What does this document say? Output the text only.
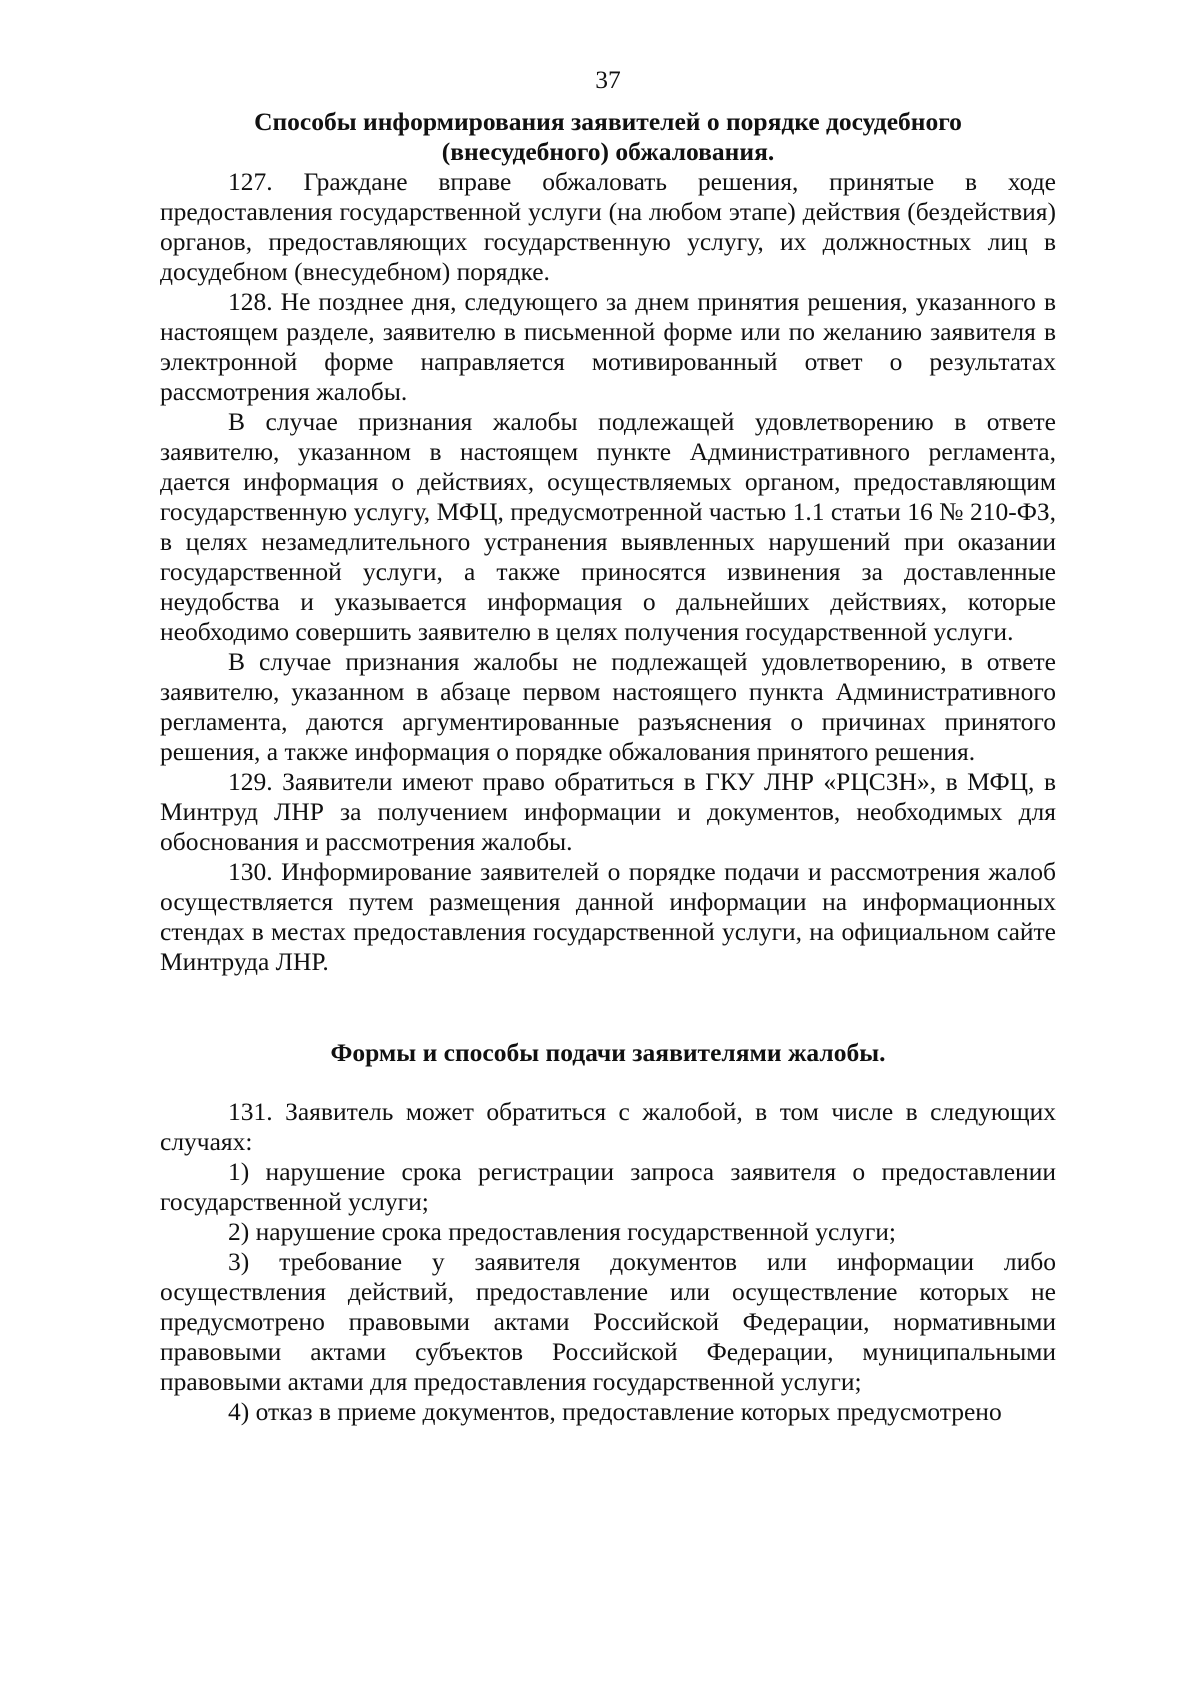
37

Способы информирования заявителей о порядке досудебного
(внесудебного) обжалования.

127. Граждане вправе обжаловать решения, принятые в ходе предоставления государственной услуги (на любом этапе) действия (бездействия) органов, предоставляющих государственную услугу, их должностных лиц в досудебном (внесудебном) порядке.

128. Не позднее дня, следующего за днем принятия решения, указанного в настоящем разделе, заявителю в письменной форме или по желанию заявителя в электронной форме направляется мотивированный ответ о результатах рассмотрения жалобы.

В случае признания жалобы подлежащей удовлетворению в ответе заявителю, указанном в настоящем пункте Административного регламента, дается информация о действиях, осуществляемых органом, предоставляющим государственную услугу, МФЦ, предусмотренной частью 1.1 статьи 16 № 210-ФЗ, в целях незамедлительного устранения выявленных нарушений при оказании государственной услуги, а также приносятся извинения за доставленные неудобства и указывается информация о дальнейших действиях, которые необходимо совершить заявителю в целях получения государственной услуги.

В случае признания жалобы не подлежащей удовлетворению, в ответе заявителю, указанном в абзаце первом настоящего пункта Административного регламента, даются аргументированные разъяснения о причинах принятого решения, а также информация о порядке обжалования принятого решения.

129. Заявители имеют право обратиться в ГКУ ЛНР «РЦСЗН», в МФЦ, в Минтруд ЛНР за получением информации и документов, необходимых для обоснования и рассмотрения жалобы.

130. Информирование заявителей о порядке подачи и рассмотрения жалоб осуществляется путем размещения данной информации на информационных стендах в местах предоставления государственной услуги, на официальном сайте Минтруда ЛНР.

Формы и способы подачи заявителями жалобы.

131. Заявитель может обратиться с жалобой, в том числе в следующих случаях:

1) нарушение срока регистрации запроса заявителя о предоставлении государственной услуги;

2) нарушение срока предоставления государственной услуги;

3) требование у заявителя документов или информации либо осуществления действий, предоставление или осуществление которых не предусмотрено правовыми актами Российской Федерации, нормативными правовыми актами субъектов Российской Федерации, муниципальными правовыми актами для предоставления государственной услуги;

4) отказ в приеме документов, предоставление которых предусмотрено
